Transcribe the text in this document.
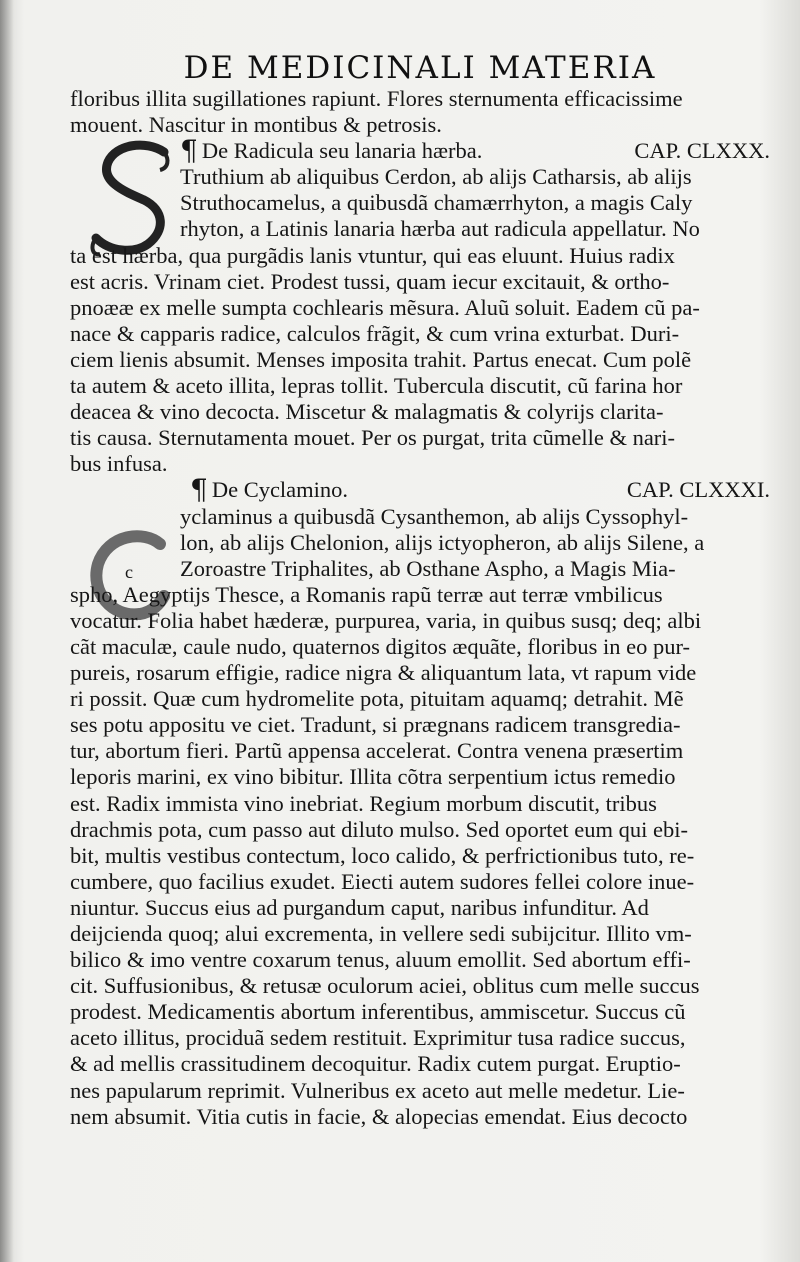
DE MEDICINALI MATERIA
c
floribus illita sugillationes rapiunt. Flores sternumenta efficacissime
mouent. Nascitur in montibus & petrosis.
¶ De Radicula seu lanaria hærba.	CAP. CLXXX.
Truthium ab aliquibus Cerdon, ab alijs Catharsis, ab alijs
Struthocamelus, a quibusdã chamærrhyton, a magis Caly
rhyton, a Latinis lanaria hærba aut radicula appellatur. No
ta est hærba, qua purgãdis lanis vtuntur, qui eas eluunt. Huius radix
est acris. Vrinam ciet. Prodest tussi, quam iecur excitauit, & ortho-
pnoææ ex melle sumpta cochlearis mẽsura. Aluũ soluit. Eadem cũ pa-
nace & capparis radice, calculos frãgit, & cum vrina exturbat. Duri-
ciem lienis absumit. Menses imposita trahit. Partus enecat. Cum polẽ
ta autem & aceto illita, lepras tollit. Tubercula discutit, cũ farina hor
deacea & vino decocta. Miscetur & malagmatis & colyrijs clarita-
tis causa. Sternutamenta mouet. Per os purgat, trita cũmelle & nari-
bus infusa.
¶ De Cyclamino.	CAP. CLXXXI.
yclaminus a quibusdã Cysanthemon, ab alijs Cyssophyl-
lon, ab alijs Chelonion, alijs ictyopheron, ab alijs Silene, a
Zoroastre Triphalites, ab Osthane Aspho, a Magis Mia-
spho, Aegyptijs Thesce, a Romanis rapũ terræ aut terræ vmbilicus
vocatur. Folia habet hæderæ, purpurea, varia, in quibus susq; deq; albi
cãt maculæ, caule nudo, quaternos digitos æquãte, floribus in eo pur-
pureis, rosarum effigie, radice nigra & aliquantum lata, vt rapum vide
ri possit. Quæ cum hydromelite pota, pituitam aquamq; detrahit. Mẽ
ses potu appositu ve ciet. Tradunt, si prægnans radicem transgredia-
tur, abortum fieri. Partũ appensa accelerat. Contra venena præsertim
leporis marini, ex vino bibitur. Illita cõtra serpentium ictus remedio
est. Radix immista vino inebriat. Regium morbum discutit, tribus
drachmis pota, cum passo aut diluto mulso. Sed oportet eum qui ebi-
bit, multis vestibus contectum, loco calido, & perfrictionibus tuto, re-
cumbere, quo facilius exudet. Eiecti autem sudores fellei colore inue-
niuntur. Succus eius ad purgandum caput, naribus infunditur. Ad
deijcienda quoq; alui excrementa, in vellere sedi subijcitur. Illito vm-
bilico & imo ventre coxarum tenus, aluum emollit. Sed abortum effi-
cit. Suffusionibus, & retusæ oculorum aciei, oblitus cum melle succus
prodest. Medicamentis abortum inferentibus, ammiscetur. Succus cũ
aceto illitus, prociduã sedem restituit. Exprimitur tusa radice succus,
& ad mellis crassitudinem decoquitur. Radix cutem purgat. Eruptio-
nes papularum reprimit. Vulneribus ex aceto aut melle medetur. Lie-
nem absumit. Vitia cutis in facie, & alopecias emendat. Eius decocto
